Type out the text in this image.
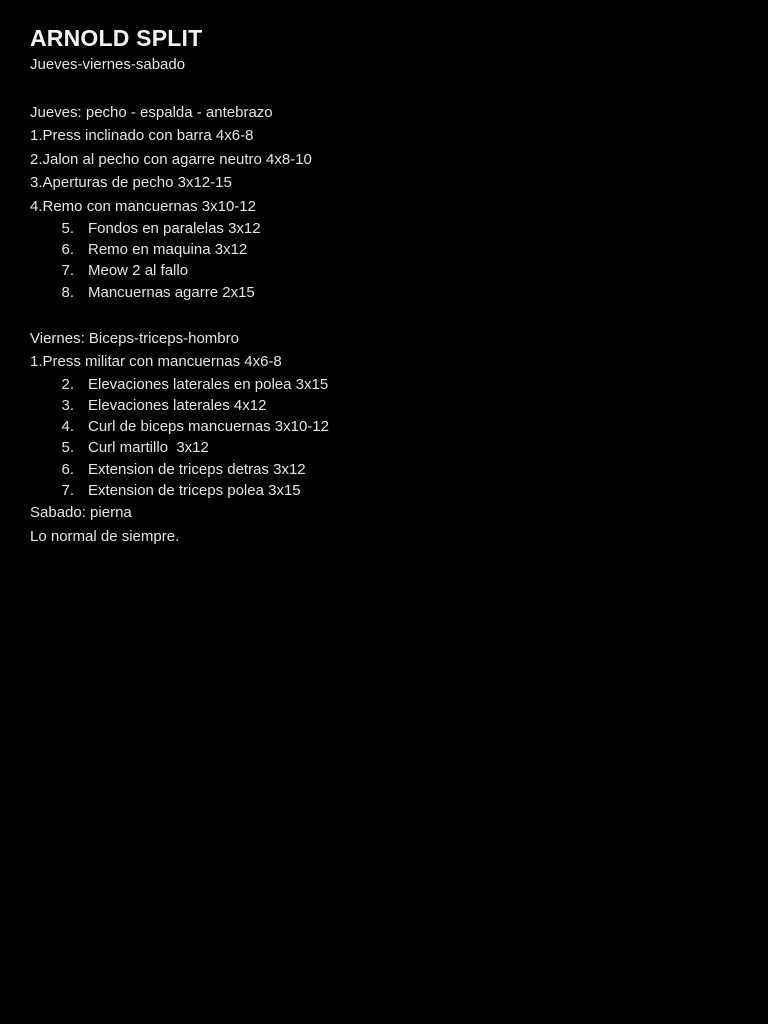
ARNOLD SPLIT
Jueves-viernes-sabado
Jueves: pecho - espalda - antebrazo
1.Press inclinado con barra 4x6-8
2.Jalon al pecho con agarre neutro 4x8-10
3.Aperturas de pecho 3x12-15
4.Remo con mancuernas 3x10-12
5 . Fondos en paralelas 3x12
6 . Remo en maquina 3x12
7 . Meow 2 al fallo
8 . Mancuernas agarre 2x15
Viernes: Biceps-triceps-hombro
1.Press militar con mancuernas 4x6-8
2 . Elevaciones laterales en polea 3x15
3 . Elevaciones laterales 4x12
4 . Curl de biceps mancuernas 3x10-12
5 . Curl martillo  3x12
6 . Extension de triceps detras 3x12
7 . Extension de triceps polea 3x15
Sabado: pierna
Lo normal de siempre.
